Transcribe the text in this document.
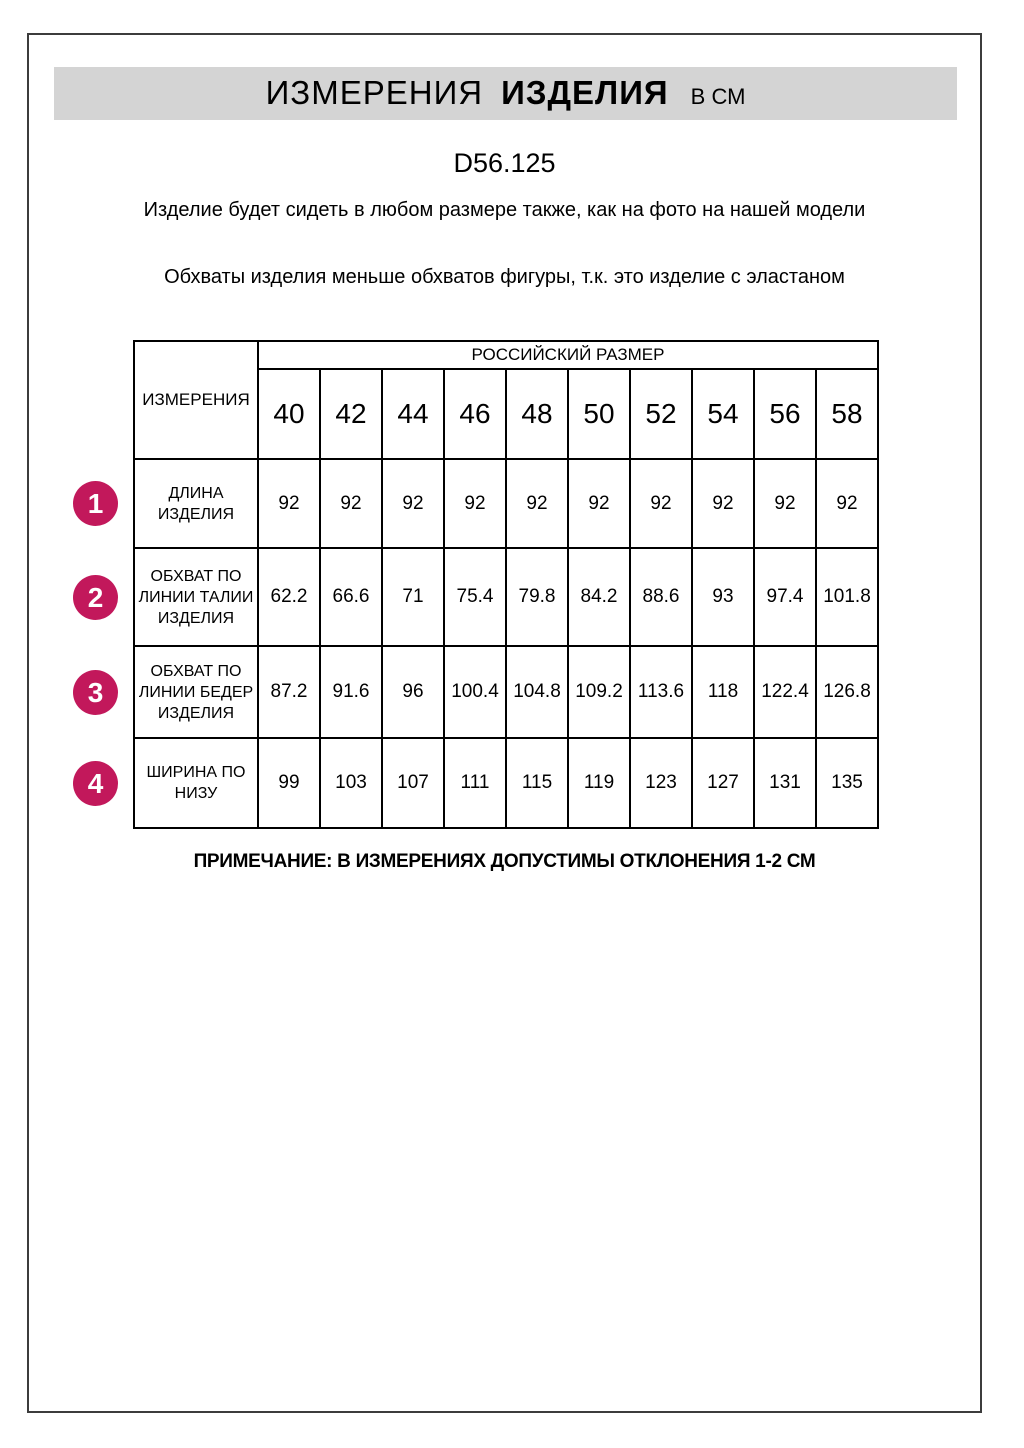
ИЗМЕРЕНИЯ ИЗДЕЛИЯ В СМ
D56.125
Изделие будет сидеть в любом размере также, как на фото на нашей модели
Обхваты изделия меньше обхватов фигуры, т.к. это изделие с эластаном
ИЗМЕРЕНИЯ	РОССИЙСКИЙ РАЗМЕР									
	40	42	44	46	48	50	52	54	56	58
ДЛИНА ИЗДЕЛИЯ	92	92	92	92	92	92	92	92	92	92
ОБХВАТ ПО ЛИНИИ ТАЛИИ ИЗДЕЛИЯ	62.2	66.6	71	75.4	79.8	84.2	88.6	93	97.4	101.8
ОБХВАТ ПО ЛИНИИ БЕДЕР ИЗДЕЛИЯ	87.2	91.6	96	100.4	104.8	109.2	113.6	118	122.4	126.8
ШИРИНА ПО НИЗУ	99	103	107	111	115	119	123	127	131	135
1
2
3
4
ПРИМЕЧАНИЕ: В ИЗМЕРЕНИЯХ ДОПУСТИМЫ ОТКЛОНЕНИЯ 1-2 СМ
